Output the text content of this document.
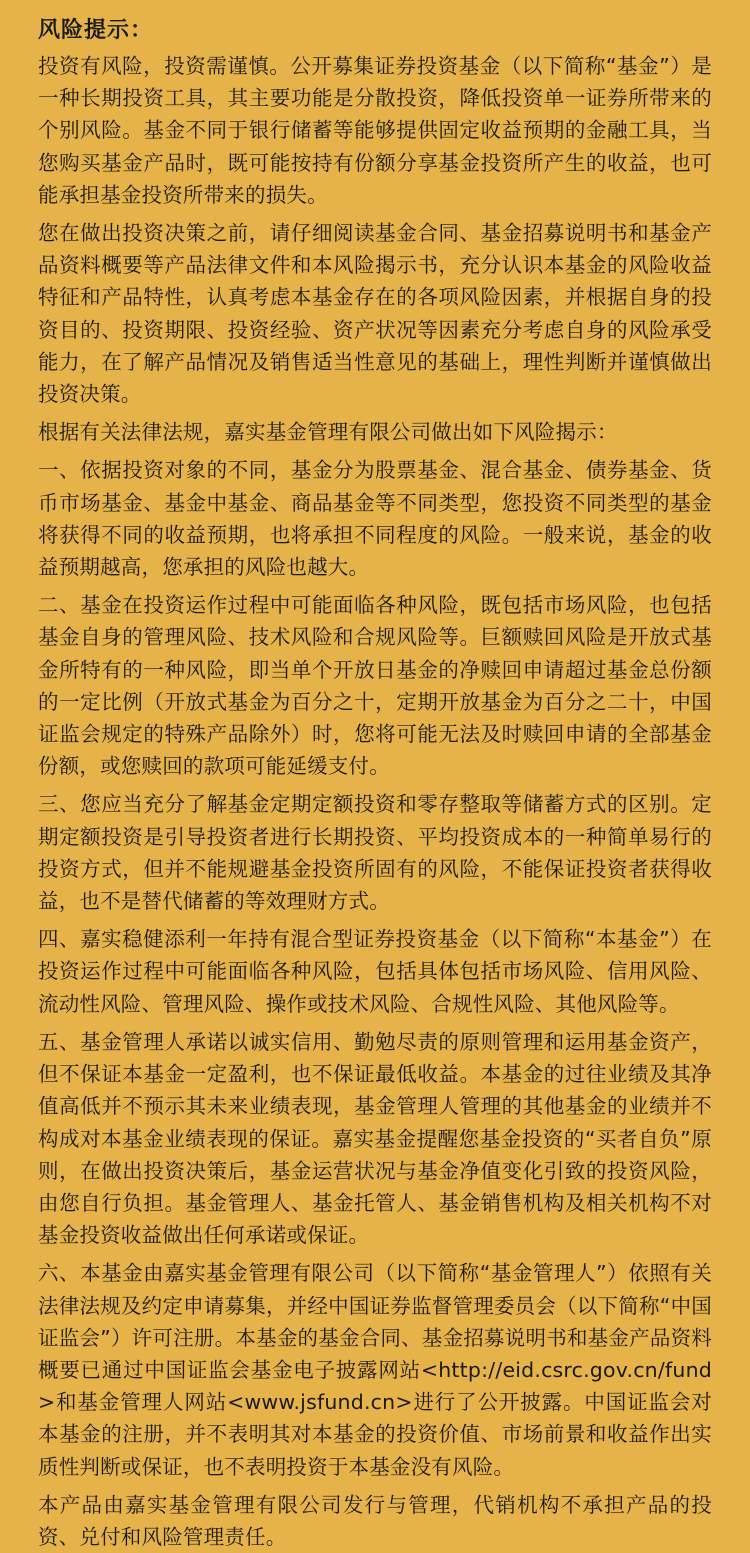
风险提示：

投资有风险，投资需谨慎。公开募集证券投资基金（以下简称“基金”）是一种长期投资工具，其主要功能是分散投资，降低投资单一证券所带来的个别风险。基金不同于银行储蓄等能够提供固定收益预期的金融工具，当您购买基金产品时，既可能按持有份额分享基金投资所产生的收益，也可能承担基金投资所带来的损失。

您在做出投资决策之前，请仔细阅读基金合同、基金招募说明书和基金产品资料概要等产品法律文件和本风险揭示书，充分认识本基金的风险收益特征和产品特性，认真考虑本基金存在的各项风险因素，并根据自身的投资目的、投资期限、投资经验、资产状况等因素充分考虑自身的风险承受能力，在了解产品情况及销售适当性意见的基础上，理性判断并谨慎做出投资决策。

根据有关法律法规，嘉实基金管理有限公司做出如下风险揭示：

一、依据投资对象的不同，基金分为股票基金、混合基金、债券基金、货币市场基金、基金中基金、商品基金等不同类型，您投资不同类型的基金将获得不同的收益预期，也将承担不同程度的风险。一般来说，基金的收益预期越高，您承担的风险也越大。

二、基金在投资运作过程中可能面临各种风险，既包括市场风险，也包括基金自身的管理风险、技术风险和合规风险等。巨额赎回风险是开放式基金所特有的一种风险，即当单个开放日基金的净赎回申请超过基金总份额的一定比例（开放式基金为百分之十，定期开放基金为百分之二十，中国证监会规定的特殊产品除外）时，您将可能无法及时赎回申请的全部基金份额，或您赎回的款项可能延缓支付。

三、您应当充分了解基金定期定额投资和零存整取等储蓄方式的区别。定期定额投资是引导投资者进行长期投资、平均投资成本的一种简单易行的投资方式，但并不能规避基金投资所固有的风险，不能保证投资者获得收益，也不是替代储蓄的等效理财方式。

四、嘉实稳健添利一年持有混合型证券投资基金（以下简称“本基金”）在投资运作过程中可能面临各种风险，包括具体包括市场风险、信用风险、流动性风险、管理风险、操作或技术风险、合规性风险、其他风险等。

五、基金管理人承诺以诚实信用、勤勉尽责的原则管理和运用基金资产，但不保证本基金一定盈利，也不保证最低收益。本基金的过往业绩及其净值高低并不预示其未来业绩表现，基金管理人管理的其他基金的业绩并不构成对本基金业绩表现的保证。嘉实基金提醒您基金投资的“买者自负”原则，在做出投资决策后，基金运营状况与基金净值变化引致的投资风险，由您自行负担。基金管理人、基金托管人、基金销售机构及相关机构不对基金投资收益做出任何承诺或保证。

六、本基金由嘉实基金管理有限公司（以下简称“基金管理人”）依照有关法律法规及约定申请募集，并经中国证券监督管理委员会（以下简称“中国证监会”）许可注册。本基金的基金合同、基金招募说明书和基金产品资料概要已通过中国证监会基金电子披露网站<http://eid.csrc.gov.cn/fund>和基金管理人网站<www.jsfund.cn>进行了公开披露。中国证监会对本基金的注册，并不表明其对本基金的投资价值、市场前景和收益作出实质性判断或保证，也不表明投资于本基金没有风险。

本产品由嘉实基金管理有限公司发行与管理，代销机构不承担产品的投资、兑付和风险管理责任。
